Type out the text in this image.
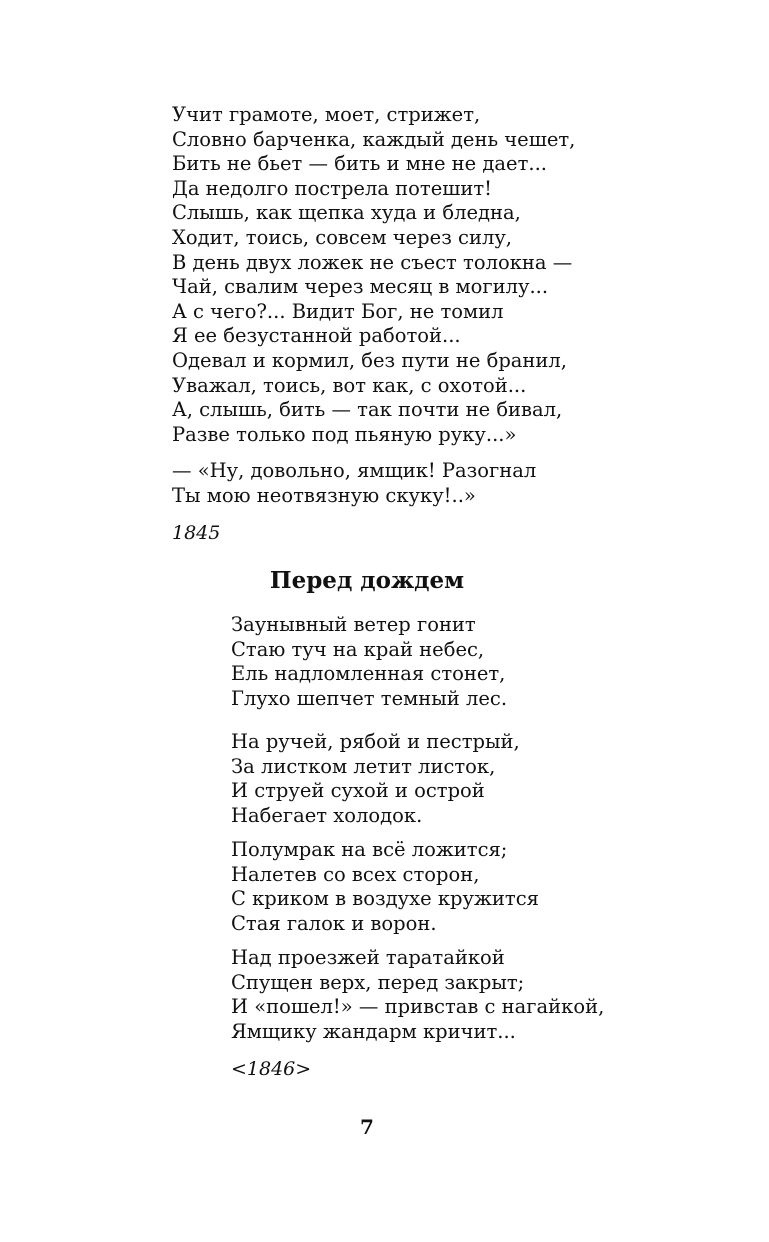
Учит грамоте, моет, стрижет,
Словно барченка, каждый день чешет,
Бить не бьет — бить и мне не дает...
Да недолго пострела потешит!
Слышь, как щепка худа и бледна,
Ходит, тоись, совсем через силу,
В день двух ложек не съест толокна —
Чай, свалим через месяц в могилу...
А с чего?... Видит Бог, не томил
Я ее безустанной работой...
Одевал и кормил, без пути не бранил,
Уважал, тоись, вот как, с охотой...
А, слышь, бить — так почти не бивал,
Разве только под пьяную руку...»
— «Ну, довольно, ямщик! Разогнал
Ты мою неотвязную скуку!..»
1845
Перед дождем
Заунывный ветер гонит
Стаю туч на край небес,
Ель надломленная стонет,
Глухо шепчет темный лес.
На ручей, рябой и пестрый,
За листком летит листок,
И струей сухой и острой
Набегает холодок.
Полумрак на всё ложится;
Налетев со всех сторон,
С криком в воздухе кружится
Стая галок и ворон.
Над проезжей таратайкой
Спущен верх, перед закрыт;
И «пошел!» — привстав с нагайкой,
Ямщику жандарм кричит...
<1846>
7
